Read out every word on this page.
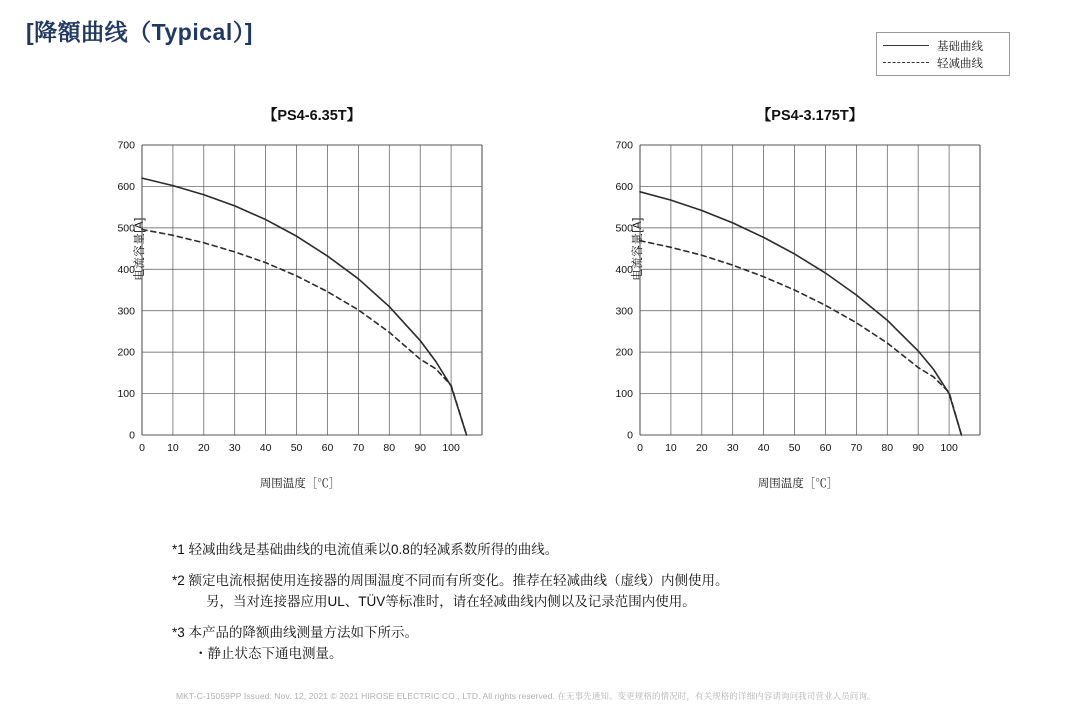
[降額曲线（Typical）]
基础曲线
轻减曲线
【PS4-6.35T】
电流容量[A]
0
100
200
300
400
500
600
700
0 10 20 30 40 50 60 70 80 90 100
周围温度［℃］
【PS4-3.175T】
电流容量[A]
0
100
200
300
400
500
600
700
0 10 20 30 40 50 60 70 80 90 100
周围温度［℃］
*1 轻减曲线是基础曲线的电流值乘以0.8的轻减系数所得的曲线。
*2 额定电流根据使用连接器的周围温度不同而有所变化。推荐在轻减曲线（虚线）内侧使用。
另，当对连接器应用UL、TÜV等标准时，请在轻减曲线内侧以及记录范围内使用。
*3 本产品的降额曲线测量方法如下所示。
・静止状态下通电测量。
MKT-C-15059PP Issued: Nov. 12, 2021 © 2021 HIROSE ELECTRIC CO., LTD. All rights reserved. 在无事先通知、变更规格的情况时，有关规格的详细内容请询问我司营业人员问询。
